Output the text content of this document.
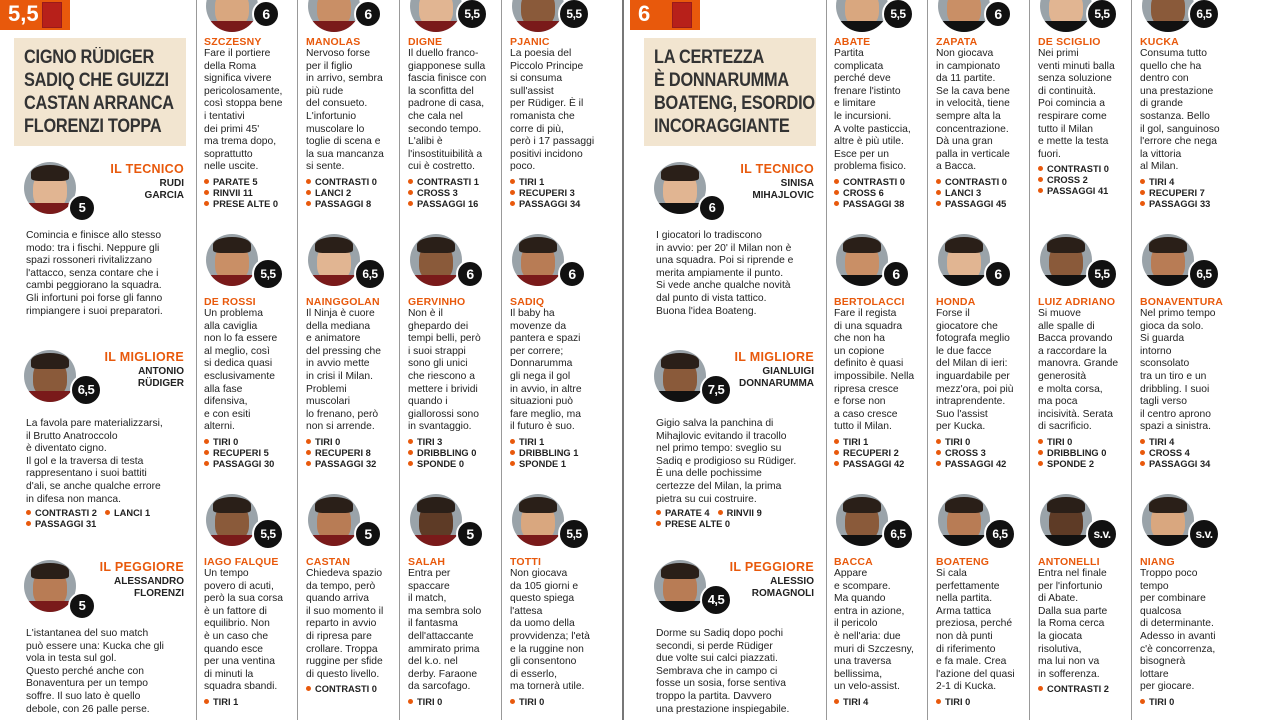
5,5
CIGNO RÜDIGER
SADIQ CHE GUIZZI
CASTAN ARRANCA
FLORENZI TOPPA
IL TECNICO
RUDI
GARCIA
5
Comincia e finisce allo stesso
modo: tra i fischi. Neppure gli
spazi rossoneri rivitalizzano
l'attacco, senza contare che i
cambi peggiorano la squadra.
Gli infortuni poi forse gli fanno
rimpiangere i suoi preparatori.
IL MIGLIORE
ANTONIO
RÜDIGER
6,5
La favola pare materializzarsi,
il Brutto Anatroccolo
è diventato cigno.
Il gol e la traversa di testa
rappresentano i suoi battiti
d'ali, se anche qualche errore
in difesa non manca.
CONTRASTI 2 LANCI 1
PASSAGGI 31
IL PEGGIORE
ALESSANDRO
FLORENZI
5
L'istantanea del suo match
può essere una: Kucka che gli
vola in testa sul gol.
Questo perché anche con
Bonaventura per un tempo
soffre. Il suo lato è quello
debole, con 26 palle perse.
6
SZCZESNY
Fare il portiere
della Roma
significa vivere
pericolosamente,
così stoppa bene
i tentativi
dei primi 45'
ma trema dopo,
soprattutto
nelle uscite.
PARATE 5
RINVII 11
PRESE ALTE 0
6
MANOLAS
Nervoso forse
per il figlio
in arrivo, sembra
più rude
del consueto.
L'infortunio
muscolare lo
toglie di scena e
la sua mancanza
si sente.
CONTRASTI 0
LANCI 2
PASSAGGI 8
5,5
DIGNE
Il duello franco-
giapponese sulla
fascia finisce con
la sconfitta del
padrone di casa,
che cala nel
secondo tempo.
L'alibi è
l'insostituibilità a
cui è costretto.
CONTRASTI 1
CROSS 3
PASSAGGI 16
5,5
PJANIC
La poesia del
Piccolo Principe
si consuma
sull'assist
per Rüdiger. È il
romanista che
corre di più,
però i 17 passaggi
positivi incidono
poco.
TIRI 1
RECUPERI 3
PASSAGGI 34
5,5
DE ROSSI
Un problema
alla caviglia
non lo fa essere
al meglio, così
si dedica quasi
esclusivamente
alla fase
difensiva,
e con esiti
alterni.
TIRI 0
RECUPERI 5
PASSAGGI 30
6,5
NAINGGOLAN
Il Ninja è cuore
della mediana
e animatore
del pressing che
in avvio mette
in crisi il Milan.
Problemi
muscolari
lo frenano, però
non si arrende.
TIRI 0
RECUPERI 8
PASSAGGI 32
6
GERVINHO
Non è il
ghepardo dei
tempi belli, però
i suoi strappi
sono gli unici
che riescono a
mettere i brividi
quando i
giallorossi sono
in svantaggio.
TIRI 3
DRIBBLING 0
SPONDE 0
6
SADIQ
Il baby ha
movenze da
pantera e spazi
per correre;
Donnarumma
gli nega il gol
in avvio, in altre
situazioni può
fare meglio, ma
il futuro è suo.
TIRI 1
DRIBBLING 1
SPONDE 1
5,5
IAGO FALQUE
Un tempo
povero di acuti,
però la sua corsa
è un fattore di
equilibrio. Non
è un caso che
quando esce
per una ventina
di minuti la
squadra sbandi.
TIRI 1
5
CASTAN
Chiedeva spazio
da tempo, però
quando arriva
il suo momento il
reparto in avvio
di ripresa pare
crollare. Troppa
ruggine per sfide
di questo livello.
CONTRASTI 0
5
SALAH
Entra per
spaccare
il match,
ma sembra solo
il fantasma
dell'attaccante
ammirato prima
del k.o. nel
derby. Faraone
da sarcofago.
TIRI 0
5,5
TOTTI
Non giocava
da 105 giorni e
questo spiega
l'attesa
da uomo della
provvidenza; l'età
e la ruggine non
gli consentono
di esserlo,
ma tornerà utile.
TIRI 0
6
LA CERTEZZA
È DONNARUMMA
BOATENG, ESORDIO
INCORAGGIANTE
IL TECNICO
SINISA
MIHAJLOVIC
6
I giocatori lo tradiscono
in avvio: per 20' il Milan non è
una squadra. Poi si riprende e
merita ampiamente il punto.
Si vede anche qualche novità
dal punto di vista tattico.
Buona l'idea Boateng.
IL MIGLIORE
GIANLUIGI
DONNARUMMA
7,5
Gigio salva la panchina di
Mihajlovic evitando il tracollo
nel primo tempo: sveglio su
Sadiq e prodigioso su Rüdiger.
È una delle pochissime
certezze del Milan, la prima
pietra su cui costruire.
PARATE 4 RINVII 9
PRESE ALTE 0
IL PEGGIORE
ALESSIO
ROMAGNOLI
4,5
Dorme su Sadiq dopo pochi
secondi, si perde Rüdiger
due volte sui calci piazzati.
Sembrava che in campo ci
fosse un sosia, forse sentiva
troppo la partita. Davvero
una prestazione inspiegabile.
5,5
ABATE
Partita
complicata
perché deve
frenare l'istinto
e limitare
le incursioni.
A volte pasticcia,
altre è più utile.
Esce per un
problema fisico.
CONTRASTI 0
CROSS 6
PASSAGGI 38
6
ZAPATA
Non giocava
in campionato
da 11 partite.
Se la cava bene
in velocità, tiene
sempre alta la
concentrazione.
Dà una gran
palla in verticale
a Bacca.
CONTRASTI 0
LANCI 3
PASSAGGI 45
5,5
DE SCIGLIO
Nei primi
venti minuti balla
senza soluzione
di continuità.
Poi comincia a
respirare come
tutto il Milan
e mette la testa
fuori.
CONTRASTI 0
CROSS 2
PASSAGGI 41
6,5
KUCKA
Consuma tutto
quello che ha
dentro con
una prestazione
di grande
sostanza. Bello
il gol, sanguinoso
l'errore che nega
la vittoria
al Milan.
TIRI 4
RECUPERI 7
PASSAGGI 33
6
BERTOLACCI
Fare il regista
di una squadra
che non ha
un copione
definito è quasi
impossibile. Nella
ripresa cresce
e forse non
a caso cresce
tutto il Milan.
TIRI 1
RECUPERI 2
PASSAGGI 42
6
HONDA
Forse il
giocatore che
fotografa meglio
le due facce
del Milan di ieri:
inguardabile per
mezz'ora, poi più
intraprendente.
Suo l'assist
per Kucka.
TIRI 0
CROSS 3
PASSAGGI 42
5,5
LUIZ ADRIANO
Si muove
alle spalle di
Bacca provando
a raccordare la
manovra. Grande
generosità
e molta corsa,
ma poca
incisività. Serata
di sacrificio.
TIRI 0
DRIBBLING 0
SPONDE 2
6,5
BONAVENTURA
Nel primo tempo
gioca da solo.
Si guarda
intorno
sconsolato
tra un tiro e un
dribbling. I suoi
tagli verso
il centro aprono
spazi a sinistra.
TIRI 4
CROSS 4
PASSAGGI 34
6,5
BACCA
Appare
e scompare.
Ma quando
entra in azione,
il pericolo
è nell'aria: due
muri di Szczesny,
una traversa
bellissima,
un velo-assist.
TIRI 4
6,5
BOATENG
Si cala
perfettamente
nella partita.
Arma tattica
preziosa, perché
non dà punti
di riferimento
e fa male. Crea
l'azione del quasi
2-1 di Kucka.
TIRI 0
s.v.
ANTONELLI
Entra nel finale
per l'infortunio
di Abate.
Dalla sua parte
la Roma cerca
la giocata
risolutiva,
ma lui non va
in sofferenza.
CONTRASTI 2
s.v.
NIANG
Troppo poco
tempo
per combinare
qualcosa
di determinante.
Adesso in avanti
c'è concorrenza,
bisognerà
lottare
per giocare.
TIRI 0
